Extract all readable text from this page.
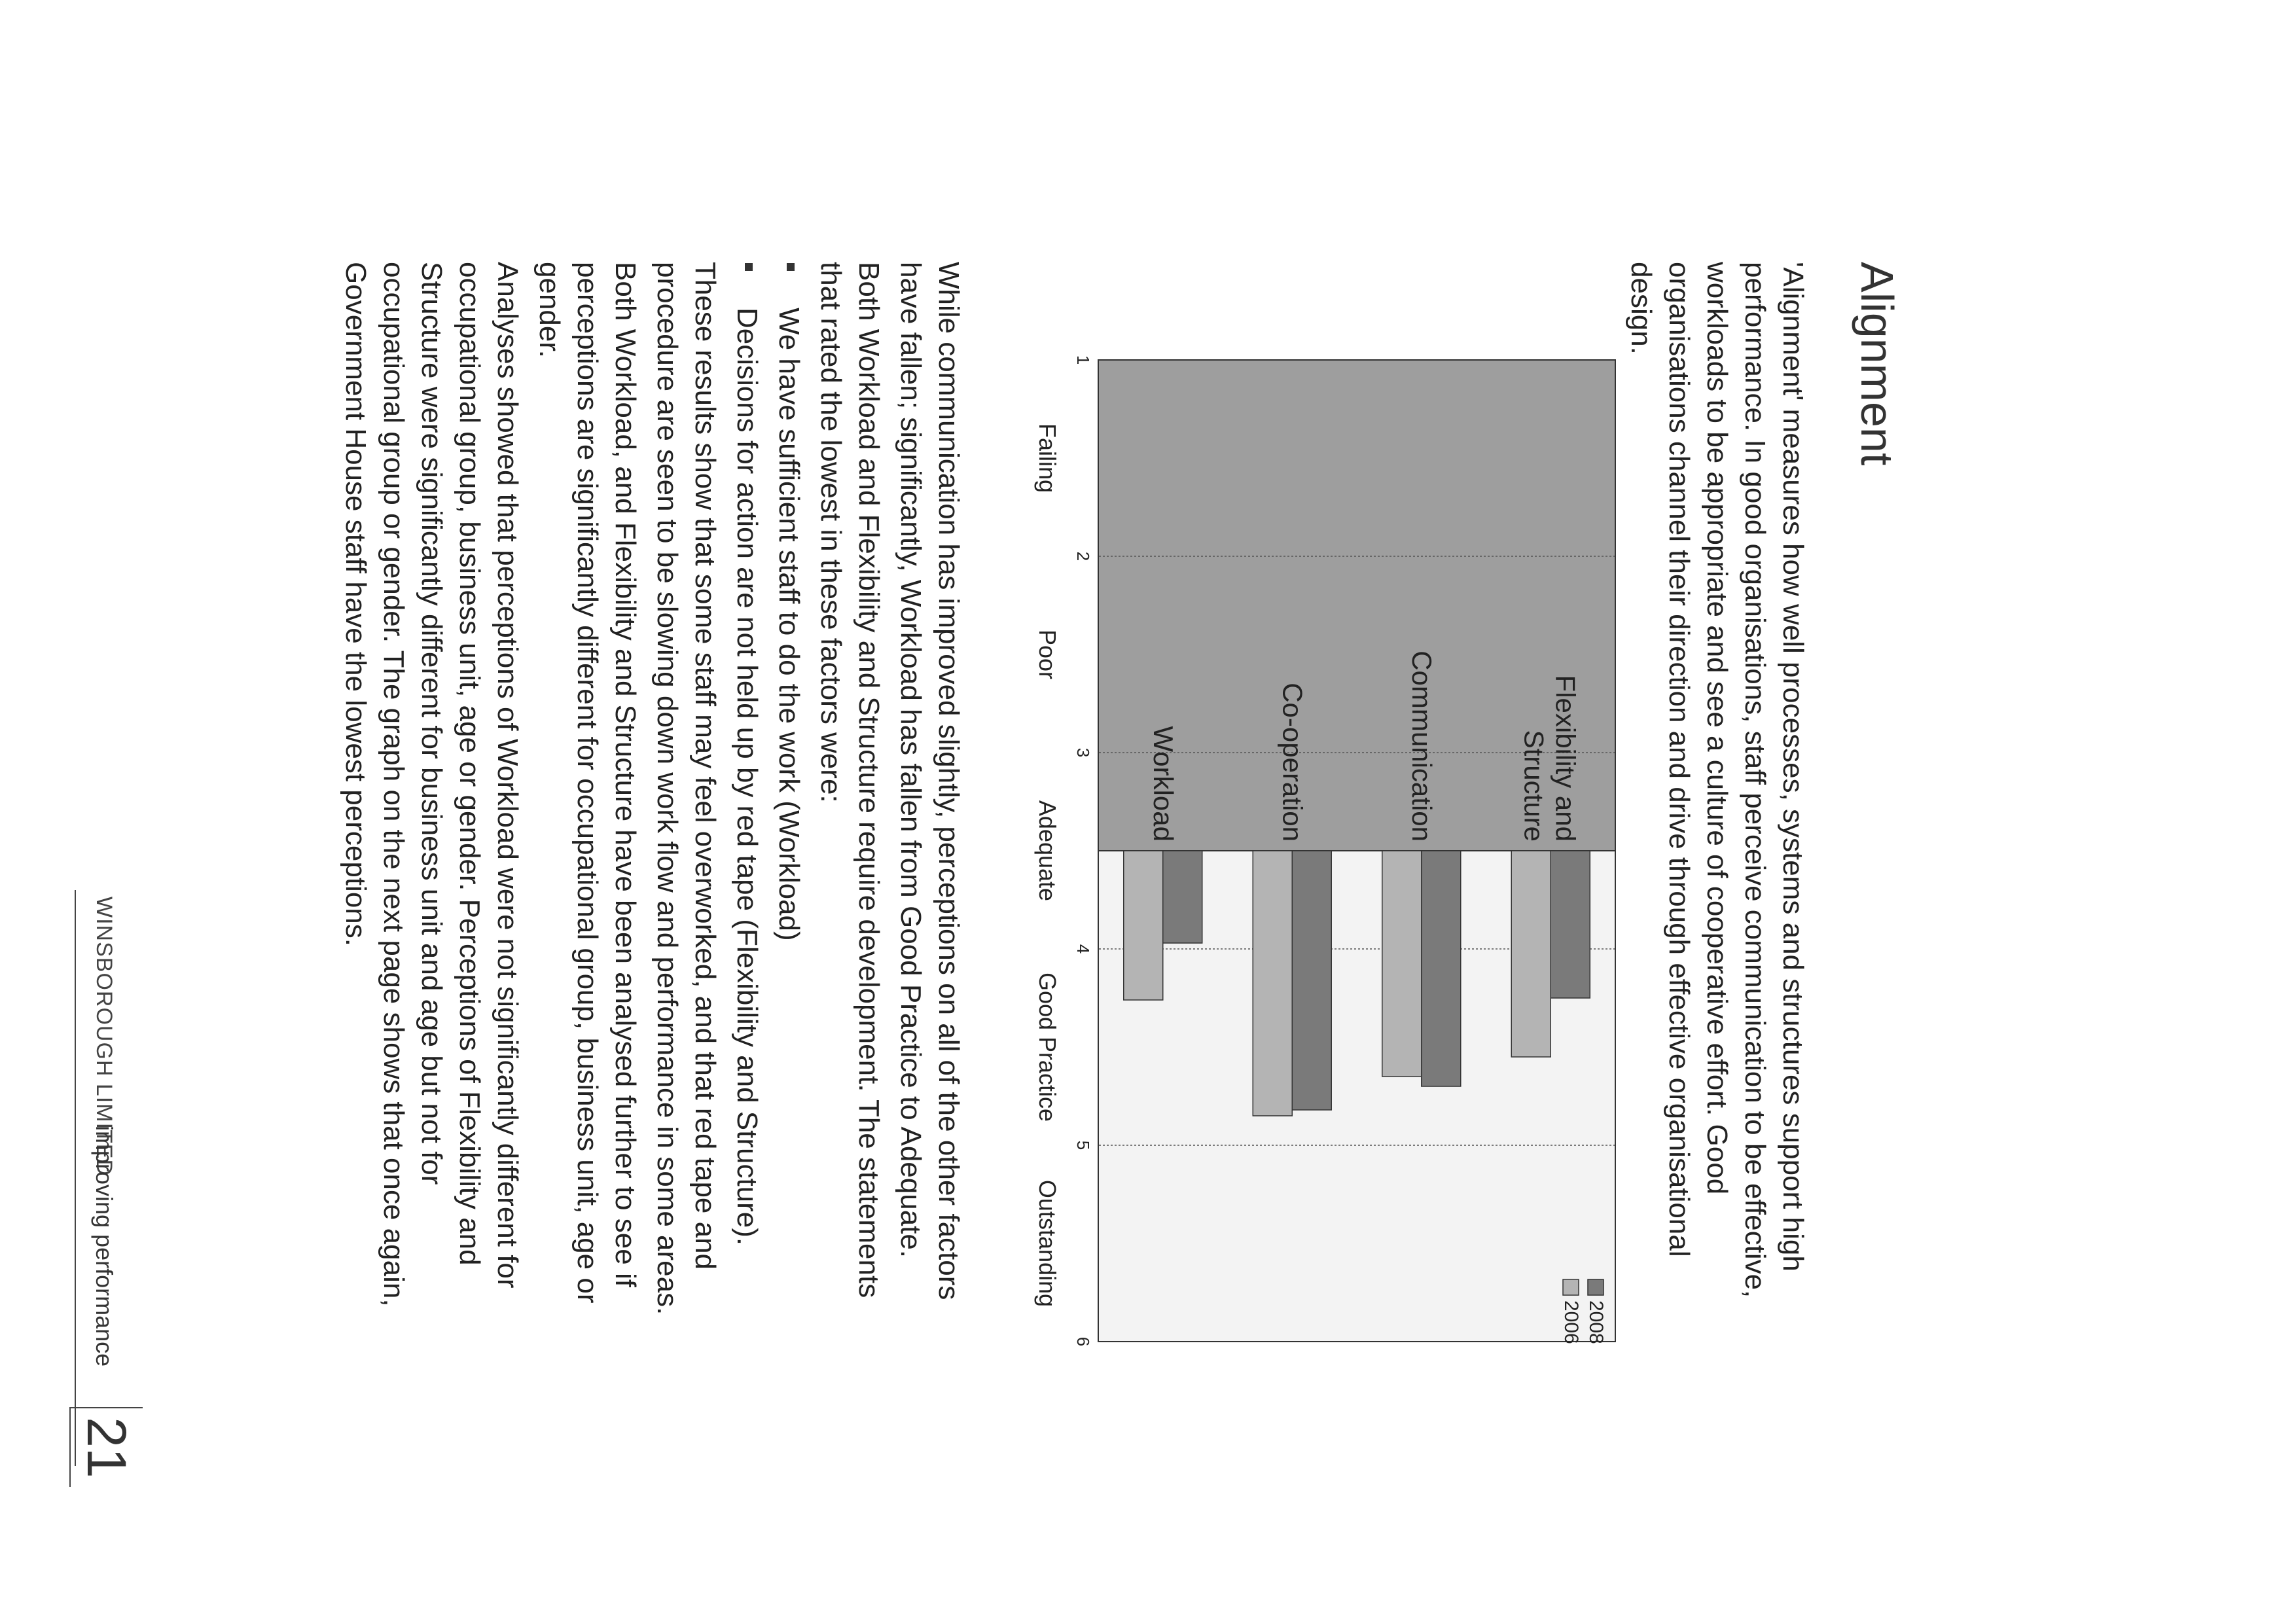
Alignment

'Alignment' measures how well processes, systems and structures support high performance. In good organisations, staff perceive communication to be effective, workloads to be appropriate and see a culture of cooperative effort. Good organisations channel their direction and drive through effective organisational design.

Flexibility andStructure
Communication
Co-operation
Workload
1
2
3
4
5
6
Failing
Poor
Adequate
Good Practice
Outstanding
2008
2006

While communication has improved slightly, perceptions on all of the other factors have fallen; significantly, Workload has fallen from Good Practice to Adequate.

Both Workload and Flexibility and Structure require development. The statements that rated the lowest in these factors were:

We have sufficient staff to do the work (Workload)
Decisions for action are not held up by red tape (Flexibility and Structure).

These results show that some staff may feel overworked, and that red tape and procedure are seen to be slowing down work flow and performance in some areas.

Both Workload, and Flexibility and Structure have been analysed further to see if perceptions are significantly different for occupational group, business unit, age or gender.

Analyses showed that perceptions of Workload were not significantly different for occupational group, business unit, age or gender. Perceptions of Flexibility and Structure were significantly different for business unit and age but not for occupational group or gender. The graph on the next page shows that once again, Government House staff have the lowest perceptions.

WINSBOROUGH LIMITED
improving performance
21
